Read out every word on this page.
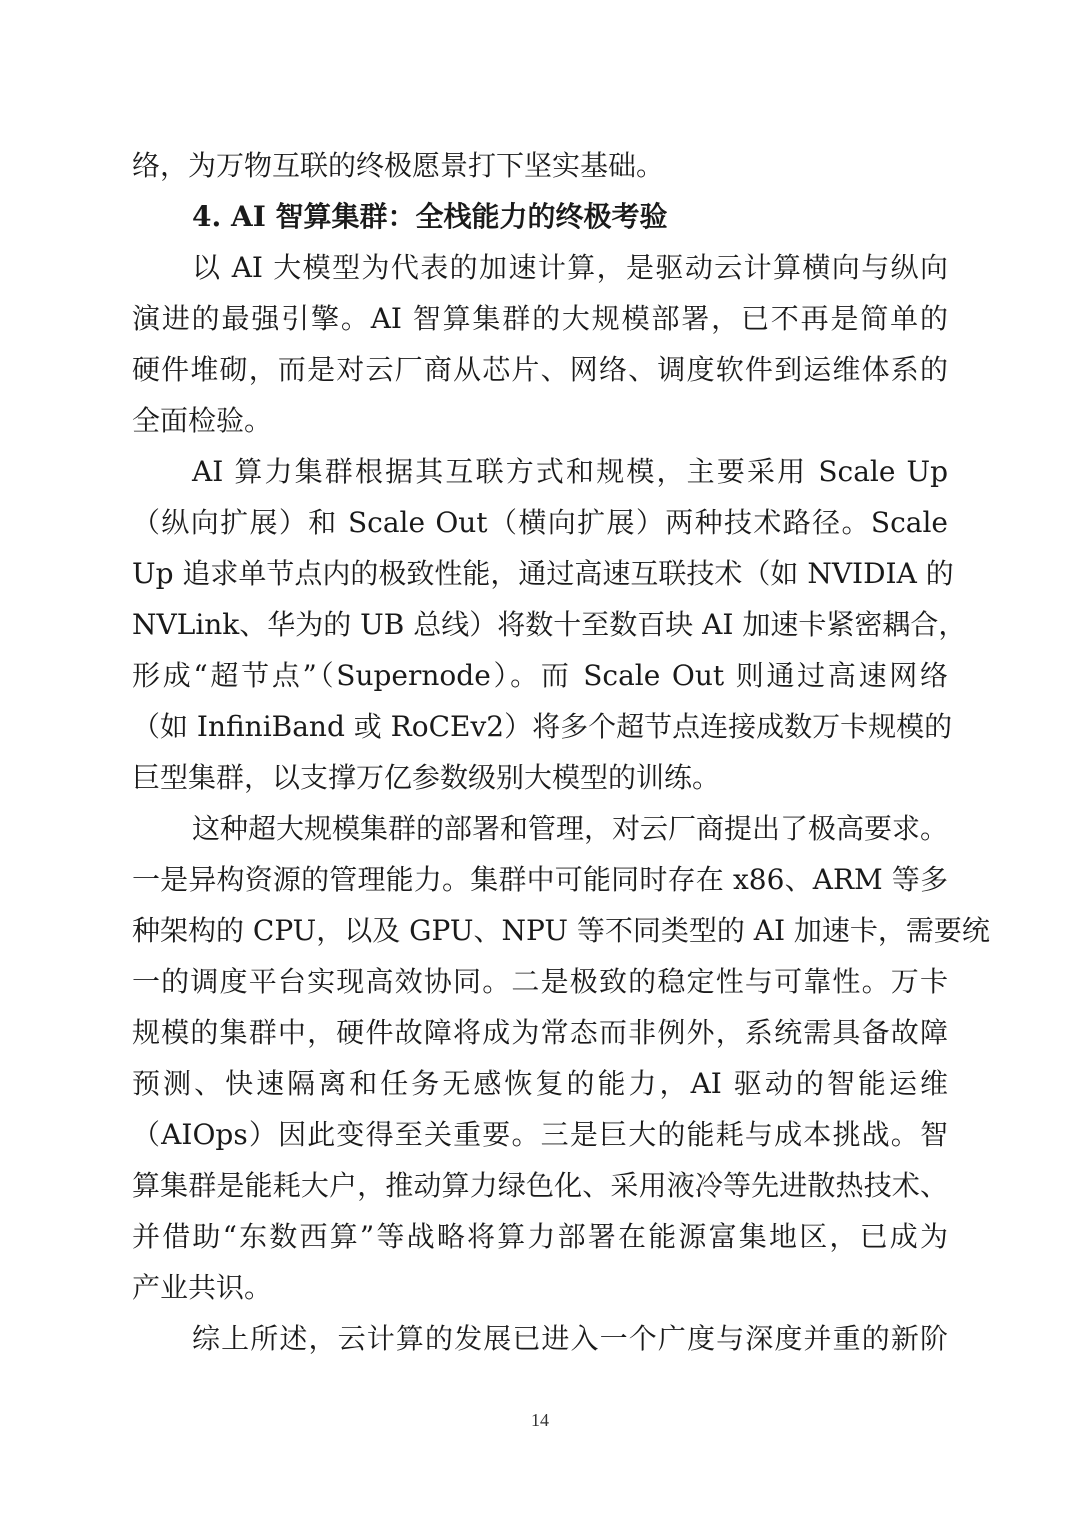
络，为万物互联的终极愿景打下坚实基础。
4. AI 智算集群：全栈能力的终极考验
以 AI 大模型为代表的加速计算，是驱动云计算横向与纵向
演进的最强引擎。AI 智算集群的大规模部署，已不再是简单的
硬件堆砌，而是对云厂商从芯片、网络、调度软件到运维体系的
全面检验。
AI 算力集群根据其互联方式和规模，主要采用 Scale Up
（纵向扩展）和 Scale Out（横向扩展）两种技术路径。Scale
Up 追求单节点内的极致性能，通过高速互联技术（如 NVIDIA 的
NVLink、华为的 UB 总线）将数十至数百块 AI 加速卡紧密耦合，
形成“超节点”（Supernode）。而 Scale Out 则通过高速网络
（如 InfiniBand 或 RoCEv2）将多个超节点连接成数万卡规模的
巨型集群，以支撑万亿参数级别大模型的训练。
这种超大规模集群的部署和管理，对云厂商提出了极高要求。
一是异构资源的管理能力。集群中可能同时存在 x86、ARM 等多
种架构的 CPU，以及 GPU、NPU 等不同类型的 AI 加速卡，需要统
一的调度平台实现高效协同。二是极致的稳定性与可靠性。万卡
规模的集群中，硬件故障将成为常态而非例外，系统需具备故障
预测、快速隔离和任务无感恢复的能力，AI 驱动的智能运维
（AIOps）因此变得至关重要。三是巨大的能耗与成本挑战。智
算集群是能耗大户，推动算力绿色化、采用液冷等先进散热技术、
并借助“东数西算”等战略将算力部署在能源富集地区，已成为
产业共识。
综上所述，云计算的发展已进入一个广度与深度并重的新阶
14
